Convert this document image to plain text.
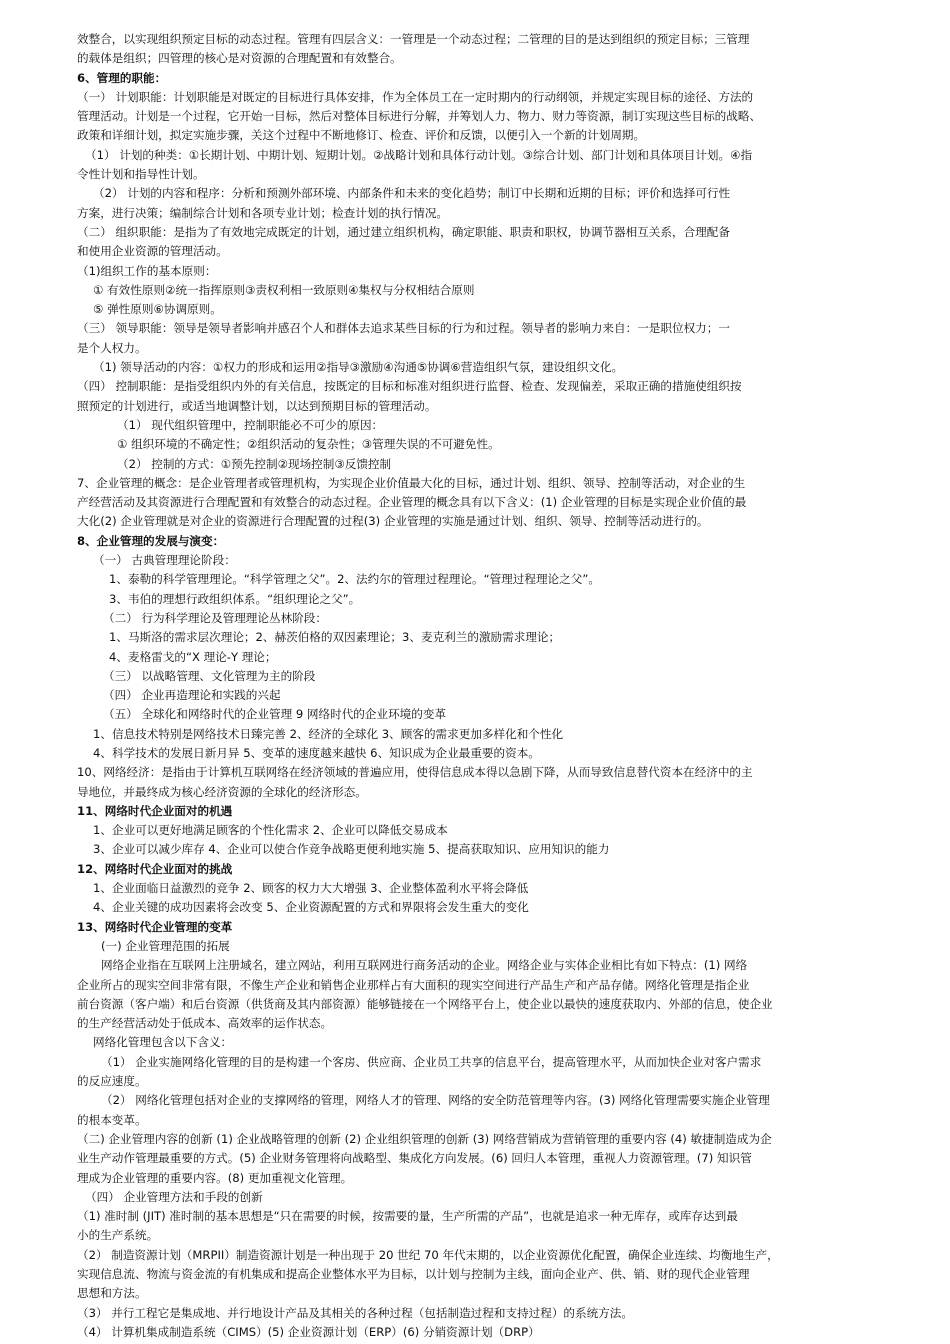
效整合，以实现组织预定目标的动态过程。管理有四层含义：一管理是一个动态过程；二管理的目的是达到组织的预定目标；三管理
的载体是组织；四管理的核心是对资源的合理配置和有效整合。
6、管理的职能：
（一） 计划职能：计划职能是对既定的目标进行具体安排，作为全体员工在一定时期内的行动纲领，并规定实现目标的途径、方法的
管理活动。计划是一个过程，它开始一目标，然后对整体目标进行分解，并筹划人力、物力、财力等资源，制订实现这些目标的战略、
政策和详细计划，拟定实施步骤，关这个过程中不断地修订、检查、评价和反馈，以便引入一个新的计划周期。
（1） 计划的种类：①长期计划、中期计划、短期计划。②战略计划和具体行动计划。③综合计划、部门计划和具体项目计划。④指
令性计划和指导性计划。
（2） 计划的内容和程序：分析和预测外部环境、内部条件和未来的变化趋势；制订中长期和近期的目标；评价和选择可行性
方案，进行决策；编制综合计划和各项专业计划；检查计划的执行情况。
（二） 组织职能：是指为了有效地完成既定的计划，通过建立组织机构，确定职能、职责和职权，协调节器相互关系，合理配备
和使用企业资源的管理活动。
（1)组织工作的基本原则：
① 有效性原则②统一指挥原则③责权利相一致原则④集权与分权相结合原则
⑤ 弹性原则⑥协调原则。
（三） 领导职能：领导是领导者影响并感召个人和群体去追求某些目标的行为和过程。领导者的影响力来自：一是职位权力；一
是个人权力。
（1) 领导活动的内容：①权力的形成和运用②指导③激励④沟通⑤协调⑥营造组织气氛，建设组织文化。
（四） 控制职能：是指受组织内外的有关信息，按既定的目标和标准对组织进行监督、检查、发现偏差，采取正确的措施使组织按
照预定的计划进行，或适当地调整计划，以达到预期目标的管理活动。
（1） 现代组织管理中，控制职能必不可少的原因：
① 组织环境的不确定性；②组织活动的复杂性；③管理失误的不可避免性。
（2） 控制的方式：①预先控制②现场控制③反馈控制
7、企业管理的概念：是企业管理者或管理机构，为实现企业价值最大化的目标，通过计划、组织、领导、控制等活动，对企业的生
产经营活动及其资源进行合理配置和有效整合的动态过程。企业管理的概念具有以下含义：(1) 企业管理的目标是实现企业价值的最
大化(2) 企业管理就是对企业的资源进行合理配置的过程(3) 企业管理的实施是通过计划、组织、领导、控制等活动进行的。
8、企业管理的发展与演变：
（一） 古典管理理论阶段：
1、泰勒的科学管理理论。“科学管理之父”。2、法约尔的管理过程理论。“管理过程理论之父”。
3、韦伯的理想行政组织体系。“组织理论之父”。
（二） 行为科学理论及管理理论丛林阶段：
1、马斯洛的需求层次理论；2、赫茨伯格的双因素理论；3、麦克利兰的激励需求理论；
4、麦格雷戈的“X 理论-Y 理论；
（三） 以战略管理、文化管理为主的阶段
（四） 企业再造理论和实践的兴起
（五） 全球化和网络时代的企业管理 9 网络时代的企业环境的变革
1、信息技术特别是网络技术日臻完善 2、经济的全球化 3、顾客的需求更加多样化和个性化
4、科学技术的发展日新月异 5、变革的速度越来越快 6、知识成为企业最重要的资本。
10、网络经济：是指由于计算机互联网络在经济领域的普遍应用，使得信息成本得以急剧下降，从而导致信息替代资本在经济中的主
导地位，并最终成为核心经济资源的全球化的经济形态。
11、网络时代企业面对的机遇
1、企业可以更好地满足顾客的个性化需求 2、企业可以降低交易成本
3、企业可以减少库存 4、企业可以使合作竞争战略更便利地实施 5、提高获取知识、应用知识的能力
12、网络时代企业面对的挑战
1、企业面临日益激烈的竞争 2、顾客的权力大大增强 3、企业整体盈利水平将会降低
4、企业关键的成功因素将会改变 5、企业资源配置的方式和界限将会发生重大的变化
13、网络时代企业管理的变革
(一) 企业管理范围的拓展
网络企业指在互联网上注册域名，建立网站，利用互联网进行商务活动的企业。网络企业与实体企业相比有如下特点：(1) 网络
企业所占的现实空间非常有限，不像生产企业和销售企业那样占有大面积的现实空间进行产品生产和产品存储。网络化管理是指企业
前台资源（客户端）和后台资源（供货商及其内部资源）能够链接在一个网络平台上，使企业以最快的速度获取内、外部的信息，使企业
的生产经营活动处于低成本、高效率的运作状态。
网络化管理包含以下含义：
（1） 企业实施网络化管理的目的是构建一个客房、供应商、企业员工共享的信息平台，提高管理水平，从而加快企业对客户需求
的反应速度。
（2） 网络化管理包括对企业的支撑网络的管理，网络人才的管理、网络的安全防范管理等内容。(3) 网络化管理需要实施企业管理
的根本变革。
（二) 企业管理内容的创新 (1) 企业战略管理的创新 (2) 企业组织管理的创新 (3) 网络营销成为营销管理的重要内容 (4) 敏捷制造成为企
业生产动作管理最重要的方式。(5) 企业财务管理将向战略型、集成化方向发展。(6) 回归人本管理，重视人力资源管理。(7) 知识管
理成为企业管理的重要内容。(8) 更加重视文化管理。
（四） 企业管理方法和手段的创新
（1) 准时制 (JIT) 准时制的基本思想是“只在需要的时候，按需要的量，生产所需的产品”，也就是追求一种无库存，或库存达到最
小的生产系统。
（2） 制造资源计划（MRPII）制造资源计划是一种出现于 20 世纪 70 年代末期的，以企业资源优化配置，确保企业连续、均衡地生产，
实现信息流、物流与资金流的有机集成和提高企业整体水平为目标，以计划与控制为主线，面向企业产、供、销、财的现代企业管理
思想和方法。
（3） 并行工程它是集成地、并行地设计产品及其相关的各种过程（包括制造过程和支持过程）的系统方法。
（4） 计算机集成制造系统（CIMS）(5) 企业资源计划（ERP）(6) 分销资源计划（DRP）
